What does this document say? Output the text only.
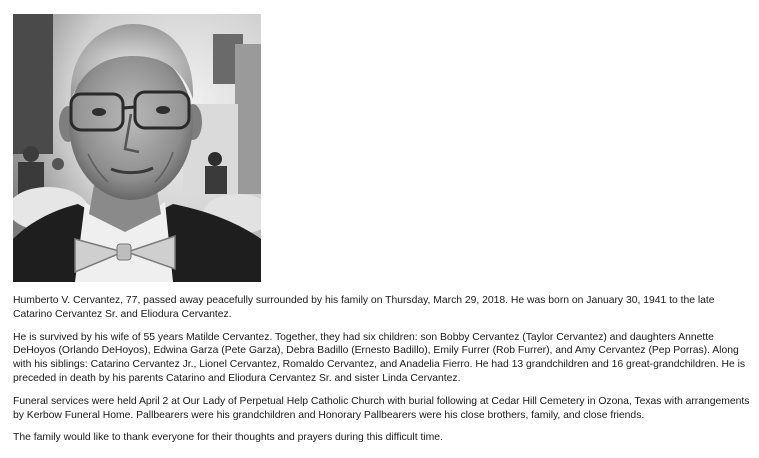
Humberto V. Cervantez, 77, passed away peacefully surrounded by his family on Thursday, March 29, 2018. He was born on January 30, 1941 to the late Catarino Cervantez Sr. and Eliodura Cervantez.

He is survived by his wife of 55 years Matilde Cervantez. Together, they had six children: son Bobby Cervantez (Taylor Cervantez) and daughters Annette DeHoyos (Orlando DeHoyos), Edwina Garza (Pete Garza), Debra Badillo (Ernesto Badillo), Emily Furrer (Rob Furrer), and Amy Cervantez (Pep Porras). Along with his siblings: Catarino Cervantez Jr., Lionel Cervantez, Romaldo Cervantez, and Anadelia Fierro. He had 13 grandchildren and 16 great-grandchildren. He is preceded in death by his parents Catarino and Eliodura Cervantez Sr. and sister Linda Cervantez.

Funeral services were held April 2 at Our Lady of Perpetual Help Catholic Church with burial following at Cedar Hill Cemetery in Ozona, Texas with arrangements by Kerbow Funeral Home. Pallbearers were his grandchildren and Honorary Pallbearers were his close brothers, family, and close friends.

The family would like to thank everyone for their thoughts and prayers during this difficult time.
